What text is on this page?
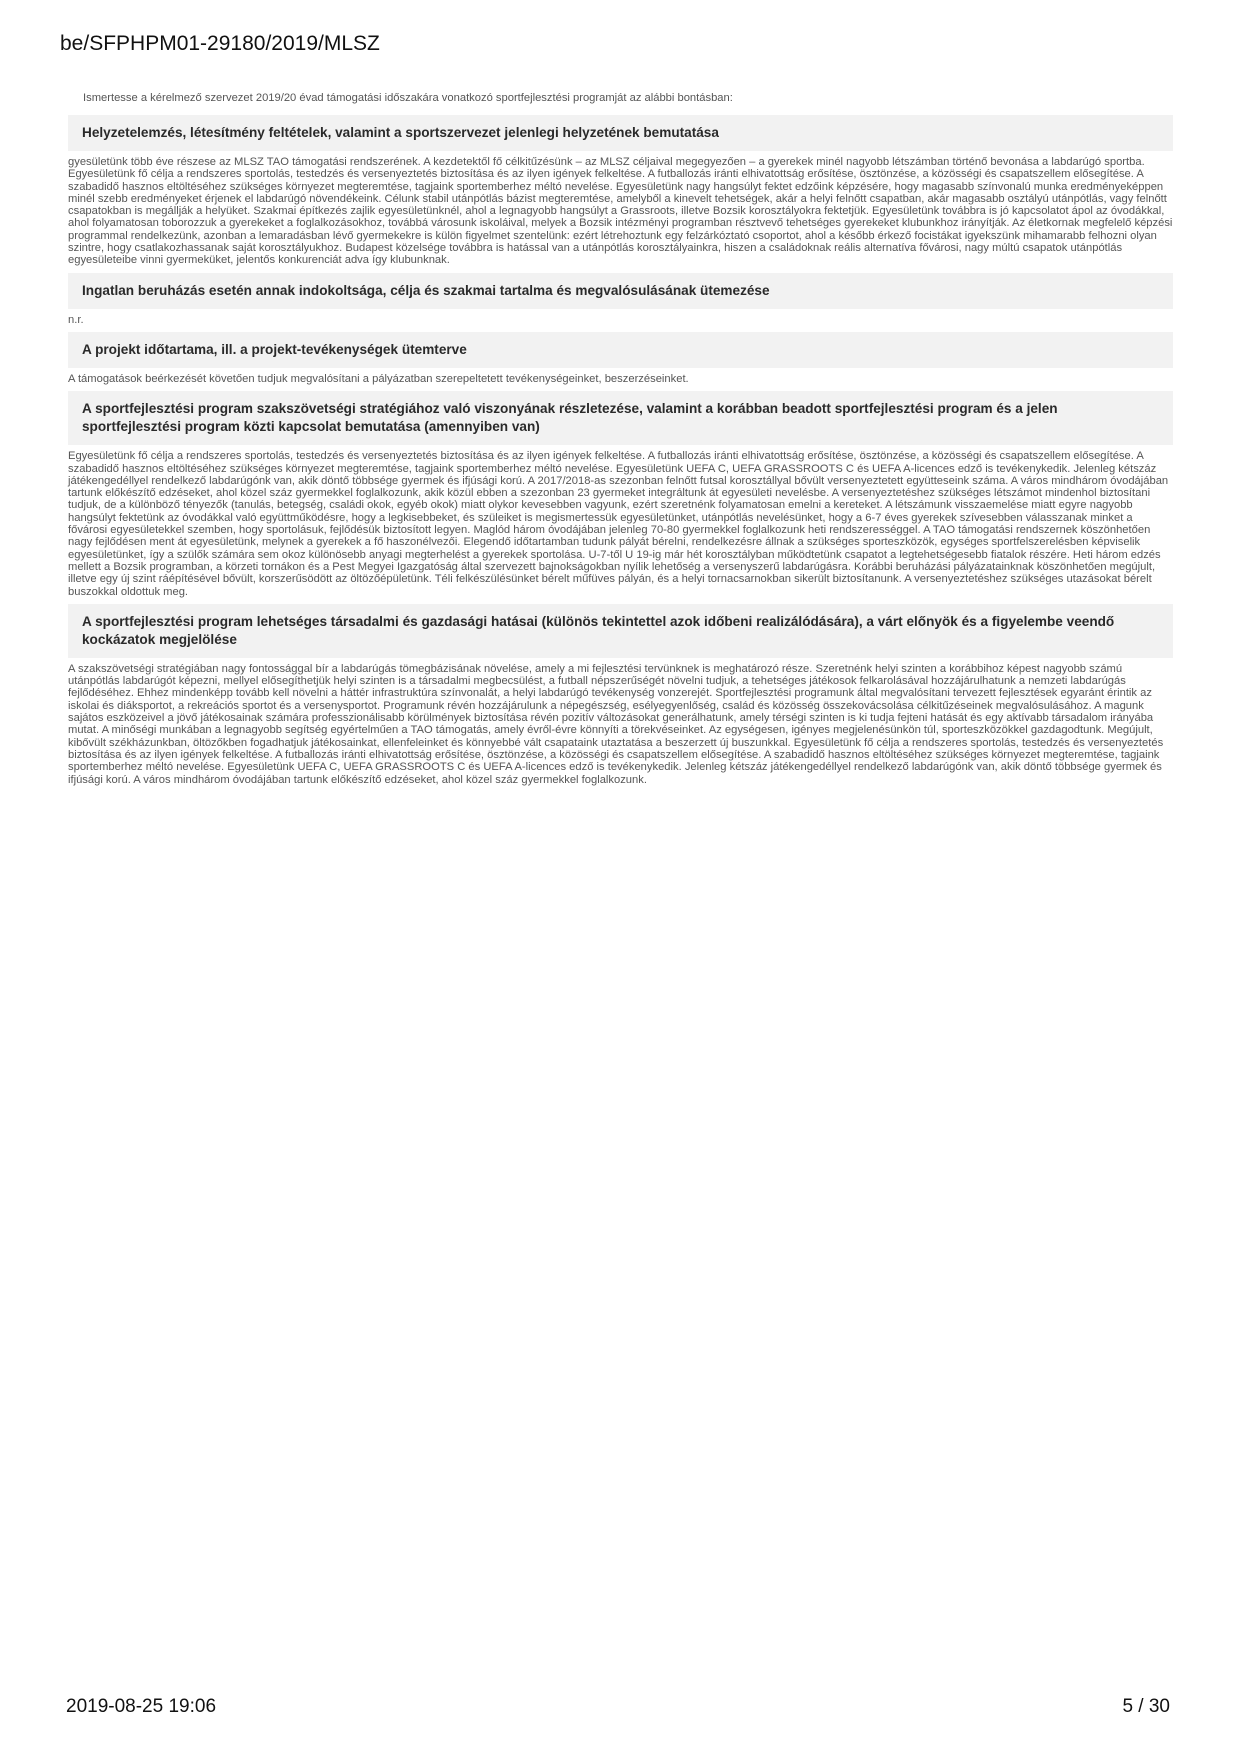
be/SFPHPM01-29180/2019/MLSZ

Ismertesse a kérelmező szervezet 2019/20 évad támogatási időszakára vonatkozó sportfejlesztési programját az alábbi bontásban:

Helyzetelemzés, létesítmény feltételek, valamint a sportszervezet jelenlegi helyzetének bemutatása

gyesületünk több éve részese az MLSZ TAO támogatási rendszerének. A kezdetektől fő célkitűzésünk – az MLSZ céljaival megegyezően – a gyerekek minél nagyobb létszámban történő bevonása a labdarúgó sportba. Egyesületünk fő célja a rendszeres sportolás, testedzés és versenyeztetés biztosítása és az ilyen igények felkeltése. A futballozás iránti elhivatottság erősítése, ösztönzése, a közösségi és csapatszellem elősegítése. A szabadidő hasznos eltöltéséhez szükséges környezet megteremtése, tagjaink sportemberhez méltó nevelése. Egyesületünk nagy hangsúlyt fektet edzőink képzésére, hogy magasabb színvonalú munka eredményeképpen minél szebb eredményeket érjenek el labdarúgó növendékeink. Célunk stabil utánpótlás bázist megteremtése, amelyből a kinevelt tehetségek, akár a helyi felnőtt csapatban, akár magasabb osztályú utánpótlás, vagy felnőtt csapatokban is megállják a helyüket. Szakmai építkezés zajlik egyesületünknél, ahol a legnagyobb hangsúlyt a Grassroots, illetve Bozsik korosztályokra fektetjük. Egyesületünk továbbra is jó kapcsolatot ápol az óvodákkal, ahol folyamatosan toborozzuk a gyerekeket a foglalkozásokhoz, továbbá városunk iskoláival, melyek a Bozsik intézményi programban résztvevő tehetséges gyerekeket klubunkhoz irányítják. Az életkornak megfelelő képzési programmal rendelkezünk, azonban a lemaradásban lévő gyermekekre is külön figyelmet szentelünk: ezért létrehoztunk egy felzárkóztató csoportot, ahol a később érkező focistákat igyekszünk mihamarabb felhozni olyan szintre, hogy csatlakozhassanak saját korosztályukhoz. Budapest közelsége továbbra is hatással van a utánpótlás korosztályainkra, hiszen a családoknak reális alternatíva fővárosi, nagy múltú csapatok utánpótlás egyesületeibe vinni gyermeküket, jelentős konkurenciát adva így klubunknak.

Ingatlan beruházás esetén annak indokoltsága, célja és szakmai tartalma és megvalósulásának ütemezése

n.r.

A projekt időtartama, ill. a projekt-tevékenységek ütemterve

A támogatások beérkezését követően tudjuk megvalósítani a pályázatban szerepeltetett tevékenységeinket, beszerzéseinket.

A sportfejlesztési program szakszövetségi stratégiához való viszonyának részletezése, valamint a korábban beadott sportfejlesztési program és a jelen sportfejlesztési program közti kapcsolat bemutatása (amennyiben van)

Egyesületünk fő célja a rendszeres sportolás, testedzés és versenyeztetés biztosítása és az ilyen igények felkeltése. A futballozás iránti elhivatottság erősítése, ösztönzése, a közösségi és csapatszellem elősegítése. A szabadidő hasznos eltöltéséhez szükséges környezet megteremtése, tagjaink sportemberhez méltó nevelése. Egyesületünk UEFA C, UEFA GRASSROOTS C és UEFA A-licences edző is tevékenykedik. Jelenleg kétszáz játékengedéllyel rendelkező labdarúgónk van, akik döntő többsége gyermek és ifjúsági korú. A 2017/2018-as szezonban felnőtt futsal korosztállyal bővült versenyeztetett együtteseink száma. A város mindhárom óvodájában tartunk előkészítő edzéseket, ahol közel száz gyermekkel foglalkozunk, akik közül ebben a szezonban 23 gyermeket integráltunk át egyesületi nevelésbe. A versenyeztetéshez szükséges létszámot mindenhol biztosítani tudjuk, de a különböző tényezők (tanulás, betegség, családi okok, egyéb okok) miatt olykor kevesebben vagyunk, ezért szeretnénk folyamatosan emelni a kereteket. A létszámunk visszaemelése miatt egyre nagyobb hangsúlyt fektetünk az óvodákkal való együttműködésre, hogy a legkisebbeket, és szüleiket is megismertessük egyesületünket, utánpótlás nevelésünket, hogy a 6-7 éves gyerekek szívesebben válasszanak minket a fővárosi egyesületekkel szemben, hogy sportolásuk, fejlődésük biztosított legyen. Maglód három óvodájában jelenleg 70-80 gyermekkel foglalkozunk heti rendszerességgel. A TAO támogatási rendszernek köszönhetően nagy fejlődésen ment át egyesületünk, melynek a gyerekek a fő haszonélvezői. Elegendő időtartamban tudunk pályát bérelni, rendelkezésre állnak a szükséges sporteszközök, egységes sportfelszerelésben képviselik egyesületünket, így a szülők számára sem okoz különösebb anyagi megterhelést a gyerekek sportolása. U-7-től U 19-ig már hét korosztályban működtetünk csapatot a legtehetségesebb fiatalok részére. Heti három edzés mellett a Bozsik programban, a körzeti tornákon és a Pest Megyei Igazgatóság által szervezett bajnokságokban nyílik lehetőség a versenyszerű labdarúgásra. Korábbi beruházási pályázatainknak köszönhetően megújult, illetve egy új szint ráépítésével bővült, korszerűsödött az öltözőépületünk. Téli felkészülésünket bérelt műfüves pályán, és a helyi tornacsarnokban sikerült biztosítanunk. A versenyeztetéshez szükséges utazásokat bérelt buszokkal oldottuk meg.

A sportfejlesztési program lehetséges társadalmi és gazdasági hatásai (különös tekintettel azok időbeni realizálódására), a várt előnyök és a figyelembe veendő kockázatok megjelölése

A szakszövetségi stratégiában nagy fontossággal bír a labdarúgás tömegbázisának növelése, amely a mi fejlesztési tervünknek is meghatározó része. Szeretnénk helyi szinten a korábbihoz képest nagyobb számú utánpótlás labdarúgót képezni, mellyel elősegíthetjük helyi szinten is a társadalmi megbecsülést, a futball népszerűségét növelni tudjuk, a tehetséges játékosok felkarolásával hozzájárulhatunk a nemzeti labdarúgás fejlődéséhez. Ehhez mindenképp tovább kell növelni a háttér infrastruktúra színvonalát, a helyi labdarúgó tevékenység vonzerejét. Sportfejlesztési programunk által megvalósítani tervezett fejlesztések egyaránt érintik az iskolai és diáksportot, a rekreációs sportot és a versenysportot. Programunk révén hozzájárulunk a népegészség, esélyegyenlőség, család és közösség összekovácsolása célkitűzéseinek megvalósulásához. A magunk sajátos eszközeivel a jövő játékosainak számára professzionálisabb körülmények biztosítása révén pozitív változásokat generálhatunk, amely térségi szinten is ki tudja fejteni hatását és egy aktívabb társadalom irányába mutat. A minőségi munkában a legnagyobb segítség egyértelműen a TAO támogatás, amely évről-évre könnyíti a törekvéseinket. Az egységesen, igényes megjelenésünkön túl, sporteszközökkel gazdagodtunk. Megújult, kibővült székházunkban, öltözőkben fogadhatjuk játékosainkat, ellenfeleinket és könnyebbé vált csapataink utaztatása a beszerzett új buszunkkal. Egyesületünk fő célja a rendszeres sportolás, testedzés és versenyeztetés biztosítása és az ilyen igények felkeltése. A futballozás iránti elhivatottság erősítése, ösztönzése, a közösségi és csapatszellem elősegítése. A szabadidő hasznos eltöltéséhez szükséges környezet megteremtése, tagjaink sportemberhez méltó nevelése. Egyesületünk UEFA C, UEFA GRASSROOTS C és UEFA A-licences edző is tevékenykedik. Jelenleg kétszáz játékengedéllyel rendelkező labdarúgónk van, akik döntő többsége gyermek és ifjúsági korú. A város mindhárom óvodájában tartunk előkészítő edzéseket, ahol közel száz gyermekkel foglalkozunk.

2019-08-25 19:06	5 / 30
